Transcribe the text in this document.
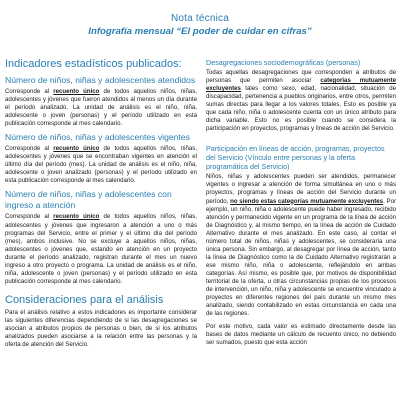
Nota técnica
Infografía mensual “El poder de cuidar en cifras”
Indicadores estadísticos publicados:
Número de niños, niñas y adolescentes atendidos

Corresponde al recuento único de todos aquellos niños, niñas, adolescentes y jóvenes que fueron atendidos al menos un día durante el período analizado. La unidad de análisis es el niño, niña, adolescente o joven (personas) y el período utilizado en esta publicación corresponde al mes calendario.

Número de niños, niñas y adolescentes vigentes

Corresponde al recuento único de todos aquellos niños, niñas, adolescentes y jóvenes que se encontraban vigentes en atención el último día del período (mes). La unidad de análisis es el niño, niña, adolescente o joven analizado (personas) y el período utilizado en esta publicación corresponde al mes calendario.

Número de niños, niñas y adolescentes con ingreso a atención

Corresponde al recuento único de todos aquellos niños, niñas, adolescentes y jóvenes que ingresaron a atención a uno o más programas del Servicio, entre el primer y el último día del período (mes), ambos inclusive. No se excluye a aquellos niños, niñas, adolescentes o jóvenes que, estando en atención en un proyecto durante el período analizado, registran durante el mes un nuevo ingreso a otro proyecto o programa. La unidad de análisis es el niño, niña, adolescente o joven (personas) y el período utilizado en esta publicación corresponde al mes calendario.

Consideraciones para el análisis

Para el análisis relativo a estos indicadores es importante considerar las siguientes diferencias dependiendo de si las desagregaciones se asocian a atributos propios de personas o bien, de si los atributos analizados pueden asociarse a la relación entre las personas y la oferta de atención del Servicio.

Desagregaciones sociodemográficas (personas)

Todas aquellas desagregaciones que corresponden a atributos de personas que permiten asociar categorías mutuamente excluyentes tales como sexo, edad, nacionalidad, situación de discapacidad, pertenencia a pueblos originarios, entre otros, permiten sumas directas para llegar a los valores totales. Esto es posible ya que cada niño, niña o adolescente cuenta con un único atributo para dicha variable. Esto no es posible cuando se considera la participación en proyectos, programas y líneas de acción del Servicio.

Participación en líneas de acción, programas, proyectos del Servicio (Vínculo entre personas y la oferta programática del Servicio)

Niños, niñas y adolescentes pueden ser atendidos, permanecer vigentes o ingresar a atención de forma simultánea en uno o más proyectos, programas y líneas de acción del Servicio durante un período, no siendo estas categorías mutuamente excluyentes. Por ejemplo, un niño, niña o adolescente puede haber ingresado, recibido atención y permanecido vigente en un programa de la línea de acción de Diagnóstico y, al mismo tiempo, en la línea de acción de Cuidado Alternativo durante el mes analizado. En este caso, al contar el número total de niños, niñas y adolescentes, se consideraría una única persona. Sin embargo, al desagregar por línea de acción, tanto la línea de Diagnóstico como la de Cuidado Alternativo registrarán a ese mismo niño, niña o adolescente, reflejándolo en ambas categorías. Así mismo, es posible que, por motivos de disponibilidad territorial de la oferta, u otras circunstancias propias de los procesos de intervención, un niño, niña y adolescente se encuentre vinculado a proyectos en diferentes regiones del país durante un mismo mes analizado, siendo contabilizado en estas circunstancia en cada una de las regiones.

Por este motivo, cada valor es estimado directamente desde las bases de datos mediante un cálculo de recuento único, no debiendo ser sumados, puesto que esta acción
